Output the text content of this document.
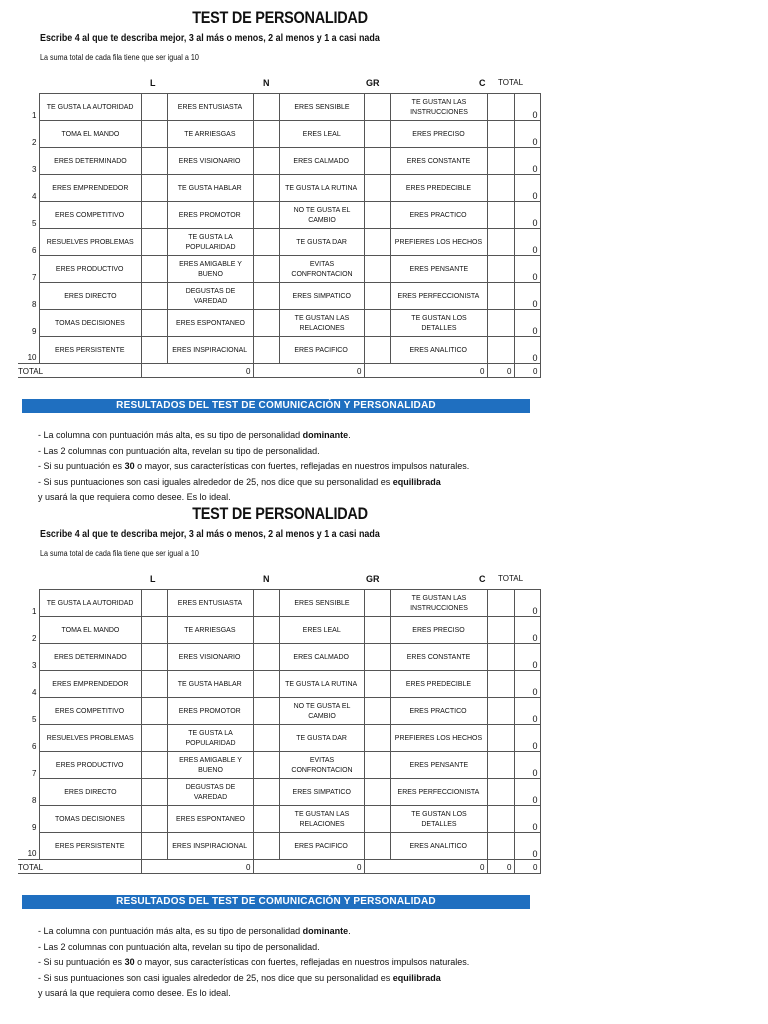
TEST DE PERSONALIDAD
Escribe 4 al que te describa mejor, 3 al más o menos, 2 al menos y 1 a casi nada
La suma total de cada fila tiene que ser igual a 10
L	N	GR	C TOTAL
1	TE GUSTA LA AUTORIDAD		ERES ENTUSIASTA		ERES SENSIBLE		TE GUSTAN LAS INSTRUCCIONES		0
2	TOMA EL MANDO		TE ARRIESGAS		ERES LEAL		ERES PRECISO		0
3	ERES DETERMINADO		ERES VISIONARIO		ERES CALMADO		ERES CONSTANTE		0
4	ERES EMPRENDEDOR		TE GUSTA HABLAR		TE GUSTA LA RUTINA		ERES PREDECIBLE		0
5	ERES COMPETITIVO		ERES PROMOTOR		NO TE GUSTA EL CAMBIO		ERES PRACTICO		0
6	RESUELVES PROBLEMAS		TE GUSTA LA POPULARIDAD		TE GUSTA DAR		PREFIERES LOS HECHOS		0
7	ERES PRODUCTIVO		ERES AMIGABLE Y BUENO		EVITAS CONFRONTACION		ERES PENSANTE		0
8	ERES DIRECTO		DEGUSTAS DE VAREDAD		ERES SIMPATICO		ERES PERFECCIONISTA		0
9	TOMAS DECISIONES		ERES ESPONTANEO		TE GUSTAN LAS RELACIONES		TE GUSTAN LOS DETALLES		0
10	ERES PERSISTENTE		ERES INSPIRACIONAL		ERES PACIFICO		ERES ANALITICO		0
TOTAL		0		0		0		0	0
RESULTADOS DEL TEST DE COMUNICACIÓN Y PERSONALIDAD
- La columna con puntuación más alta, es su tipo de personalidad dominante.
- Las 2 columnas con puntuación alta, revelan su tipo de personalidad.
- Si su puntuación es 30 o mayor, sus características con fuertes, reflejadas en nuestros impulsos naturales.
- Si sus puntuaciones son casi iguales alrededor de 25, nos dice que su personalidad es equilibrada
y usará la que requiera como desee. Es lo ideal.
TEST DE PERSONALIDAD
Escribe 4 al que te describa mejor, 3 al más o menos, 2 al menos y 1 a casi nada
La suma total de cada fila tiene que ser igual a 10
L	N	GR	C TOTAL
1	TE GUSTA LA AUTORIDAD		ERES ENTUSIASTA		ERES SENSIBLE		TE GUSTAN LAS INSTRUCCIONES		0
2	TOMA EL MANDO		TE ARRIESGAS		ERES LEAL		ERES PRECISO		0
3	ERES DETERMINADO		ERES VISIONARIO		ERES CALMADO		ERES CONSTANTE		0
4	ERES EMPRENDEDOR		TE GUSTA HABLAR		TE GUSTA LA RUTINA		ERES PREDECIBLE		0
5	ERES COMPETITIVO		ERES PROMOTOR		NO TE GUSTA EL CAMBIO		ERES PRACTICO		0
6	RESUELVES PROBLEMAS		TE GUSTA LA POPULARIDAD		TE GUSTA DAR		PREFIERES LOS HECHOS		0
7	ERES PRODUCTIVO		ERES AMIGABLE Y BUENO		EVITAS CONFRONTACION		ERES PENSANTE		0
8	ERES DIRECTO		DEGUSTAS DE VAREDAD		ERES SIMPATICO		ERES PERFECCIONISTA		0
9	TOMAS DECISIONES		ERES ESPONTANEO		TE GUSTAN LAS RELACIONES		TE GUSTAN LOS DETALLES		0
10	ERES PERSISTENTE		ERES INSPIRACIONAL		ERES PACIFICO		ERES ANALITICO		0
TOTAL		0		0		0		0	0
RESULTADOS DEL TEST DE COMUNICACIÓN Y PERSONALIDAD
- La columna con puntuación más alta, es su tipo de personalidad dominante.
- Las 2 columnas con puntuación alta, revelan su tipo de personalidad.
- Si su puntuación es 30 o mayor, sus características con fuertes, reflejadas en nuestros impulsos naturales.
- Si sus puntuaciones son casi iguales alrededor de 25, nos dice que su personalidad es equilibrada
y usará la que requiera como desee. Es lo ideal.
